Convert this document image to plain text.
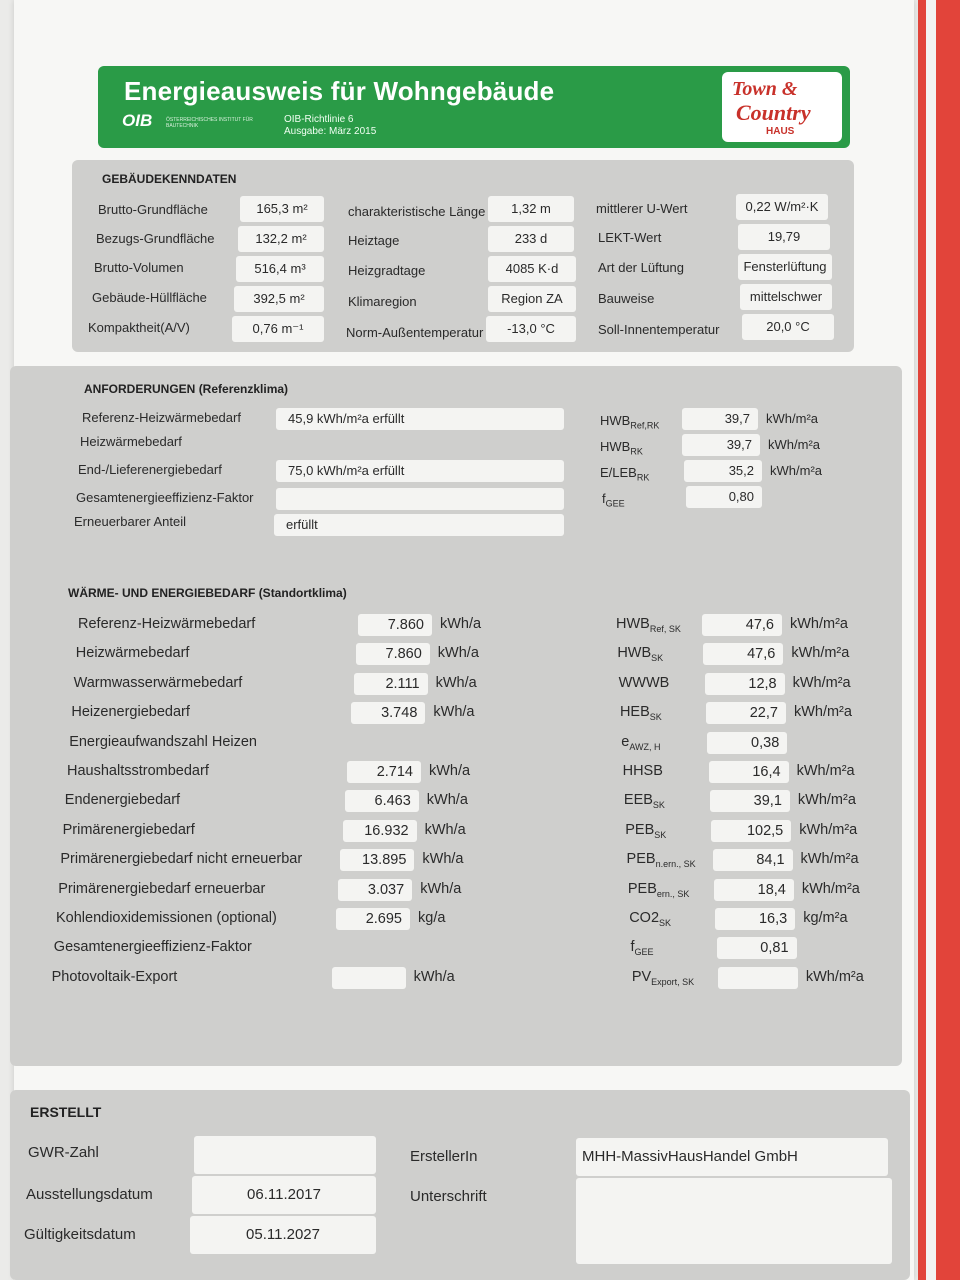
Energieausweis für Wohngebäude
OIB	ÖSTERREICHISCHES INSTITUT FÜR BAUTECHNIK
OIB-Richtlinie 6
Ausgabe: März 2015
Town &
Country
HAUS
GEBÄUDEKENNDATEN
Brutto-Grundfläche	165,3 m²
Bezugs-Grundfläche	132,2 m²
Brutto-Volumen	516,4 m³
Gebäude-Hüllfläche	392,5 m²
Kompaktheit(A/V)	0,76 m⁻¹
charakteristische Länge	1,32 m
Heiztage	233 d
Heizgradtage	4085 K·d
Klimaregion	Region ZA
Norm-Außentemperatur	-13,0 °C
mittlerer U-Wert	0,22 W/m²·K
LEKT-Wert	19,79
Art der Lüftung	Fensterlüftung
Bauweise	mittelschwer
Soll-Innentemperatur	20,0 °C
ANFORDERUNGEN (Referenzklima)
Referenz-Heizwärmebedarf	45,9 kWh/m²a erfüllt
Heizwärmebedarf
End-/Lieferenergiebedarf	75,0 kWh/m²a erfüllt
Gesamtenergieeffizienz-Faktor
Erneuerbarer Anteil	erfüllt
$HWB_{Ref,RK}$	39,7	kWh/m²a
$HWB_{RK}$	39,7	kWh/m²a
$E/LEB_{RK}$	35,2	kWh/m²a
$f_{GEE}$	0,80
WÄRME- UND ENERGIEBEDARF (Standortklima)
Referenz-Heizwärmebedarf	7.860	kWh/a	$HWB_{Ref, SK}$	47,6	kWh/m²a
Heizwärmebedarf	7.860	kWh/a	$HWB_{SK}$	47,6	kWh/m²a
Warmwasserwärmebedarf	2.111	kWh/a	WWWB	12,8	kWh/m²a
Heizenergiebedarf	3.748	kWh/a	$HEB_{SK}$	22,7	kWh/m²a
Energieaufwandszahl Heizen	$e_{AWZ, H}$	0,38
Haushaltsstrombedarf	2.714	kWh/a	HHSB	16,4	kWh/m²a
Endenergiebedarf	6.463	kWh/a	$EEB_{SK}$	39,1	kWh/m²a
Primärenergiebedarf	16.932	kWh/a	$PEB_{SK}$	102,5	kWh/m²a
Primärenergiebedarf nicht erneuerbar	13.895	kWh/a	$PEB_{n.ern., SK}$	84,1	kWh/m²a
Primärenergiebedarf erneuerbar	3.037	kWh/a	$PEB_{ern., SK}$	18,4	kWh/m²a
Kohlendioxidemissionen (optional)	2.695	kg/a	$CO2_{SK}$	16,3	kg/m²a
Gesamtenergieeffizienz-Faktor	$f_{GEE}$	0,81
Photovoltaik-Export	kWh/a	$PV_{Export, SK}$	kWh/m²a
ERSTELLT
GWR-Zahl
Ausstellungsdatum	06.11.2017
Gültigkeitsdatum	05.11.2027
ErstellerIn	MHH-MassivHausHandel GmbH
Unterschrift
